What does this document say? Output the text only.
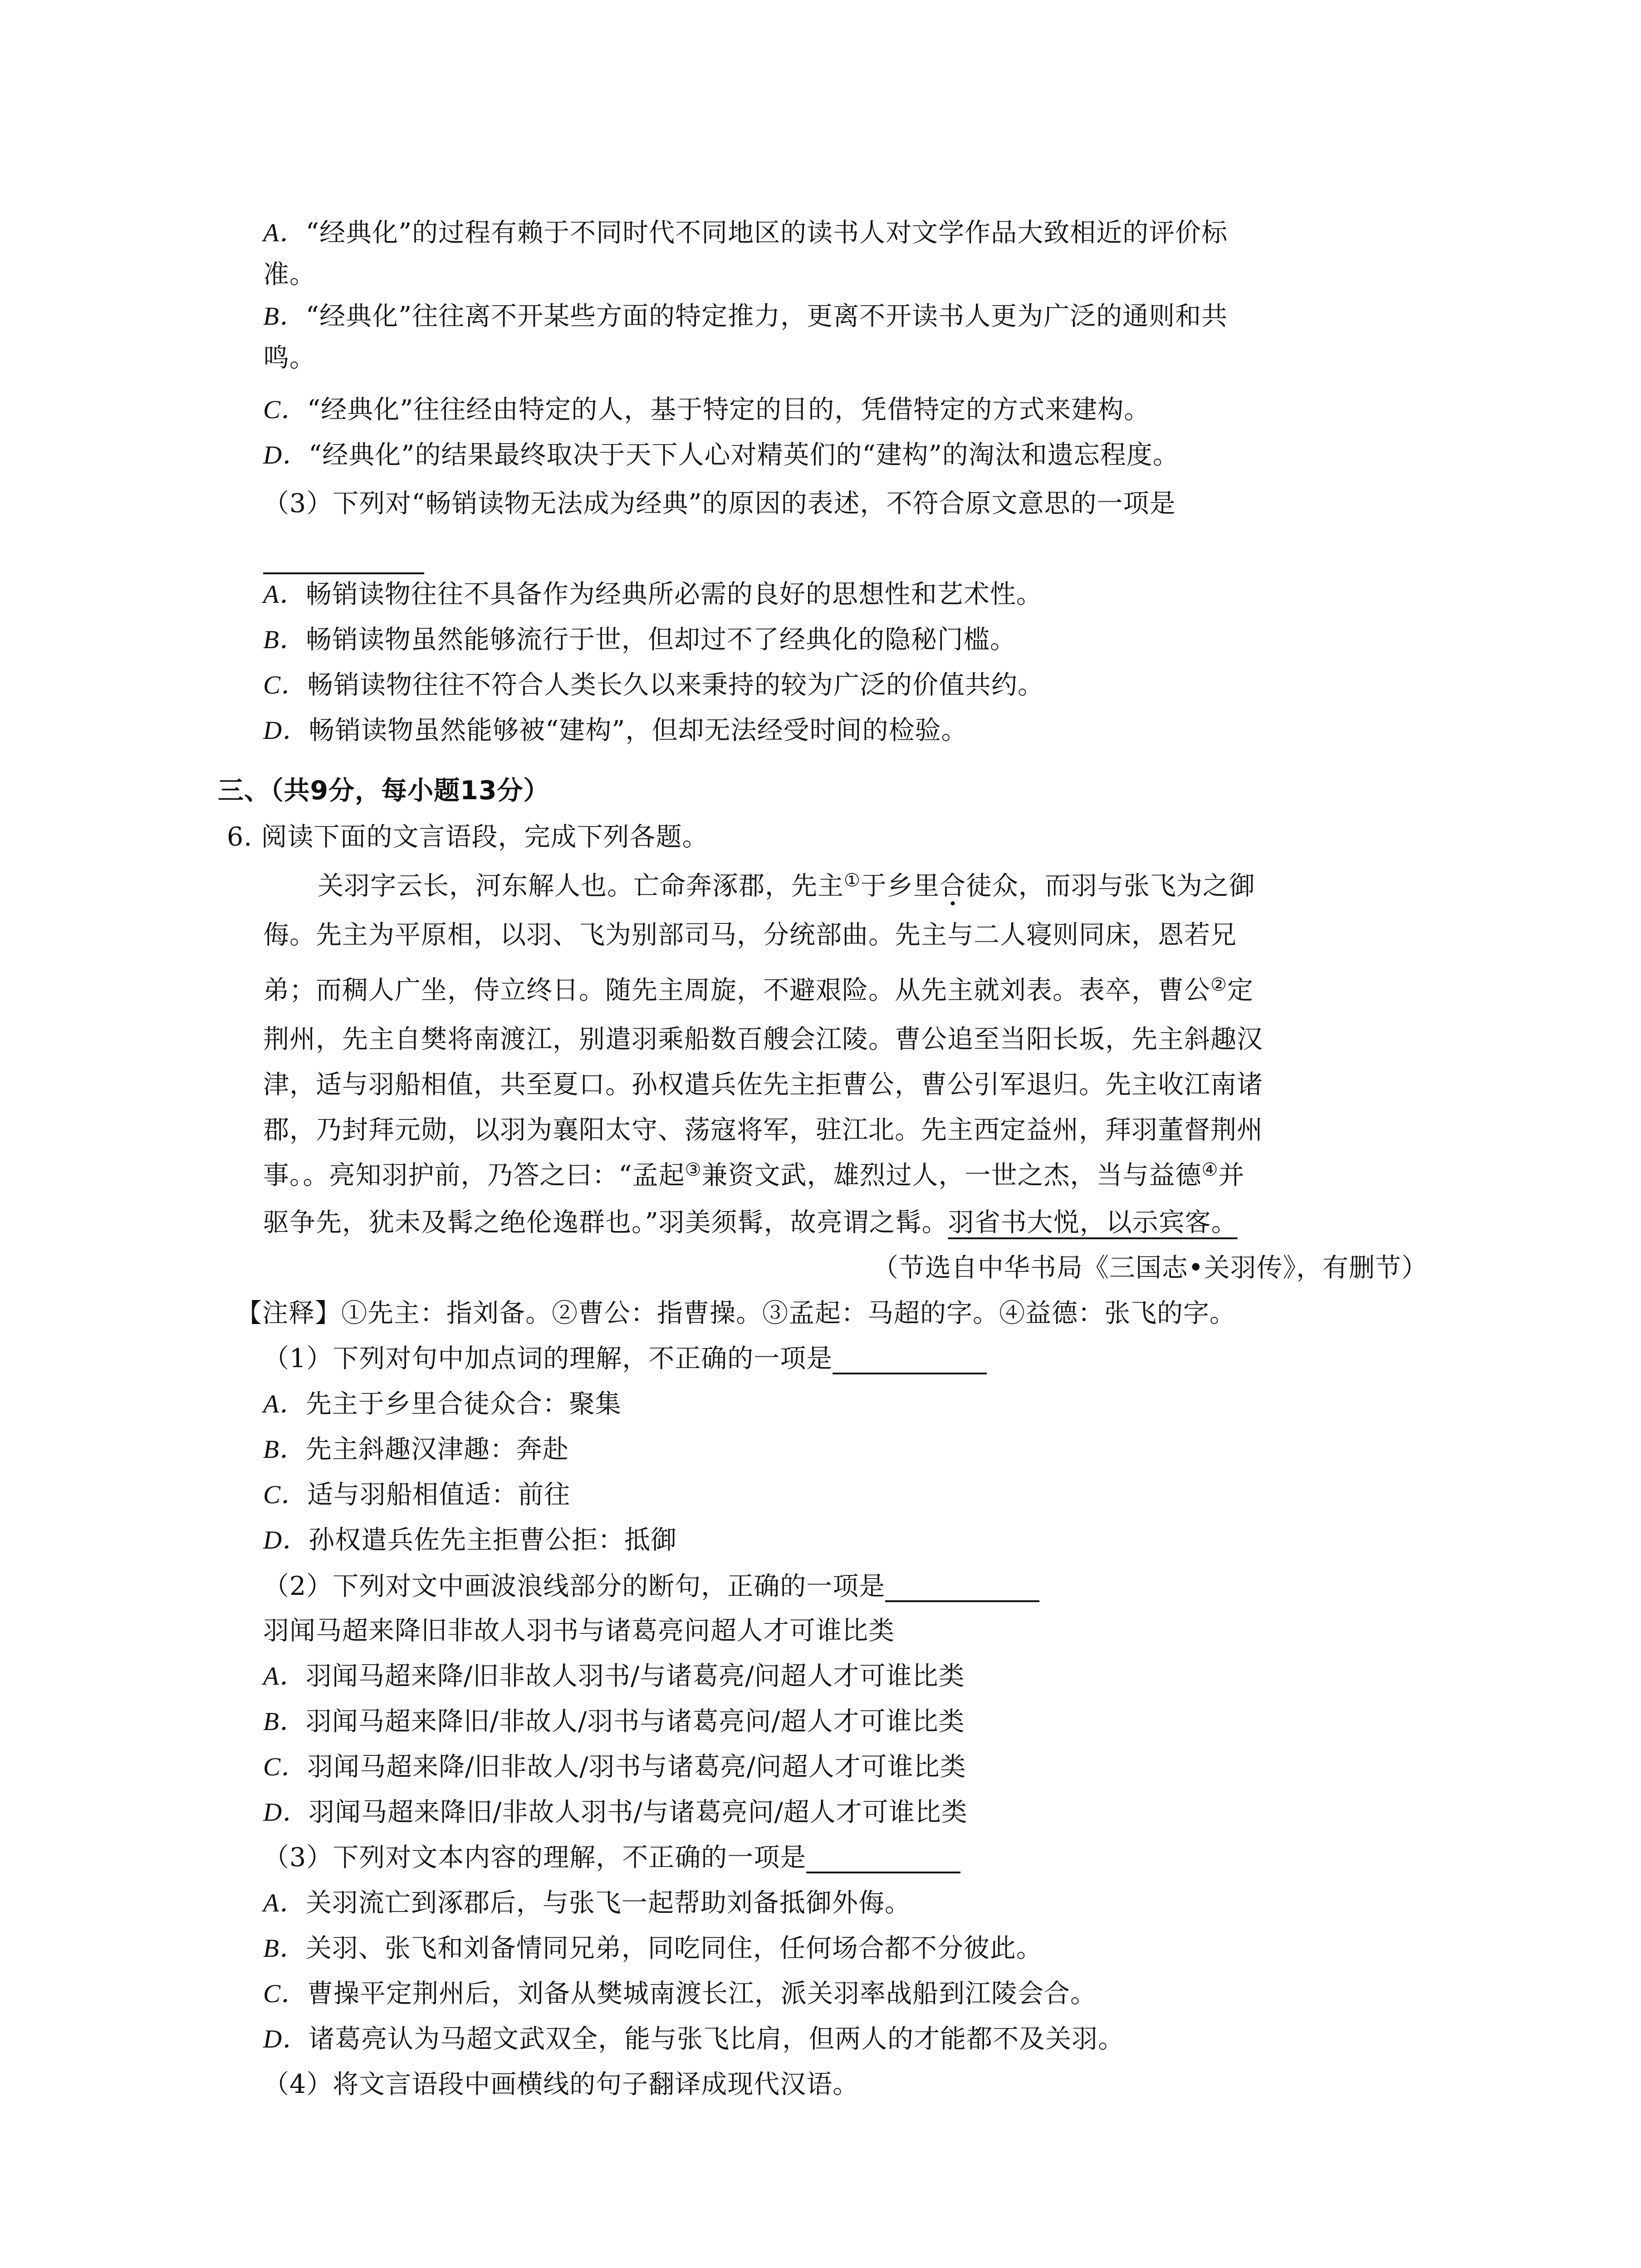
A．“经典化”的过程有赖于不同时代不同地区的读书人对文学作品大致相近的评价标
准。
B．“经典化”往往离不开某些方面的特定推力，更离不开读书人更为广泛的通则和共
鸣。
C．“经典化”往往经由特定的人，基于特定的目的，凭借特定的方式来建构。
D．“经典化”的结果最终取决于天下人心对精英们的“建构”的淘汰和遗忘程度。
（3）下列对“畅销读物无法成为经典”的原因的表述，不符合原文意思的一项是
A．畅销读物往往不具备作为经典所必需的良好的思想性和艺术性。
B．畅销读物虽然能够流行于世，但却过不了经典化的隐秘门槛。
C．畅销读物往往不符合人类长久以来秉持的较为广泛的价值共约。
D．畅销读物虽然能够被“建构”，但却无法经受时间的检验。
三、（共9分，每小题13分）
6. 阅读下面的文言语段，完成下列各题。
关羽字云长，河东解人也。亡命奔涿郡，先主①于乡里合徒众，而羽与张飞为之御
侮。先主为平原相，以羽、飞为别部司马，分统部曲。先主与二人寝则同床，恩若兄
弟；而稠人广坐，侍立终日。随先主周旋，不避艰险。从先主就刘表。表卒，曹公②定
荆州，先主自樊将南渡江，别遣羽乘船数百艘会江陵。曹公追至当阳长坂，先主斜趣汉
津，适与羽船相值，共至夏口。孙权遣兵佐先主拒曹公，曹公引军退归。先主收江南诸
郡，乃封拜元勋，以羽为襄阳太守、荡寇将军，驻江北。先主西定益州，拜羽董督荆州
事。。亮知羽护前，乃答之曰：“孟起③兼资文武，雄烈过人，一世之杰，当与益德④并
驱争先，犹未及髯之绝伦逸群也。”羽美须髯，故亮谓之髯。羽省书大悦，以示宾客。
（节选自中华书局《三国志•关羽传》，有删节）
【注释】①先主：指刘备。②曹公：指曹操。③孟起：马超的字。④益德：张飞的字。
（1）下列对句中加点词的理解，不正确的一项是
A．先主于乡里合徒众合：聚集
B．先主斜趣汉津趣：奔赴
C．适与羽船相值适：前往
D．孙权遣兵佐先主拒曹公拒：抵御
（2）下列对文中画波浪线部分的断句，正确的一项是
羽闻马超来降旧非故人羽书与诸葛亮问超人才可谁比类
A．羽闻马超来降/旧非故人羽书/与诸葛亮/问超人才可谁比类
B．羽闻马超来降旧/非故人/羽书与诸葛亮问/超人才可谁比类
C．羽闻马超来降/旧非故人/羽书与诸葛亮/问超人才可谁比类
D．羽闻马超来降旧/非故人羽书/与诸葛亮问/超人才可谁比类
（3）下列对文本内容的理解，不正确的一项是
A．关羽流亡到涿郡后，与张飞一起帮助刘备抵御外侮。
B．关羽、张飞和刘备情同兄弟，同吃同住，任何场合都不分彼此。
C．曹操平定荆州后，刘备从樊城南渡长江，派关羽率战船到江陵会合。
D．诸葛亮认为马超文武双全，能与张飞比肩，但两人的才能都不及关羽。
（4）将文言语段中画横线的句子翻译成现代汉语。
